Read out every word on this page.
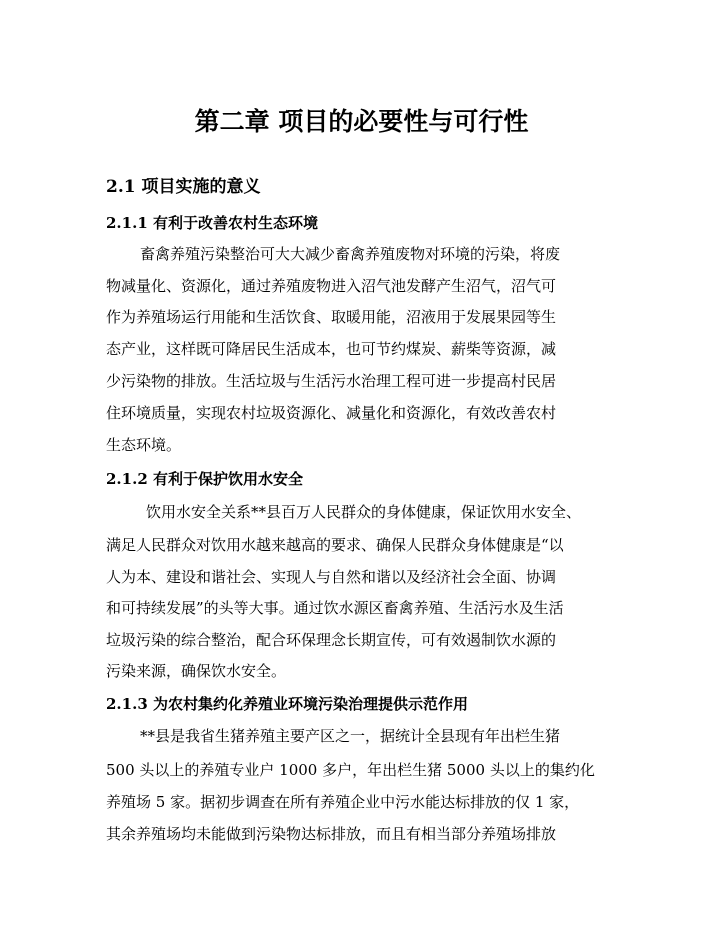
第二章 项目的必要性与可行性
2.1 项目实施的意义
2.1.1 有利于改善农村生态环境
畜禽养殖污染整治可大大减少畜禽养殖废物对环境的污染，将废
物减量化、资源化，通过养殖废物进入沼气池发酵产生沼气，沼气可
作为养殖场运行用能和生活饮食、取暖用能，沼液用于发展果园等生
态产业，这样既可降居民生活成本，也可节约煤炭、薪柴等资源，减
少污染物的排放。生活垃圾与生活污水治理工程可进一步提高村民居
住环境质量，实现农村垃圾资源化、减量化和资源化，有效改善农村
生态环境。
2.1.2 有利于保护饮用水安全
饮用水安全关系**县百万人民群众的身体健康，保证饮用水安全、
满足人民群众对饮用水越来越高的要求、确保人民群众身体健康是“以
人为本、建设和谐社会、实现人与自然和谐以及经济社会全面、协调
和可持续发展”的头等大事。通过饮水源区畜禽养殖、生活污水及生活
垃圾污染的综合整治，配合环保理念长期宣传，可有效遏制饮水源的
污染来源，确保饮水安全。
2.1.3 为农村集约化养殖业环境污染治理提供示范作用
**县是我省生猪养殖主要产区之一，据统计全县现有年出栏生猪
500 头以上的养殖专业户 1000 多户，年出栏生猪 5000 头以上的集约化
养殖场 5 家。据初步调查在所有养殖企业中污水能达标排放的仅 1 家，
其余养殖场均未能做到污染物达标排放，而且有相当部分养殖场排放
